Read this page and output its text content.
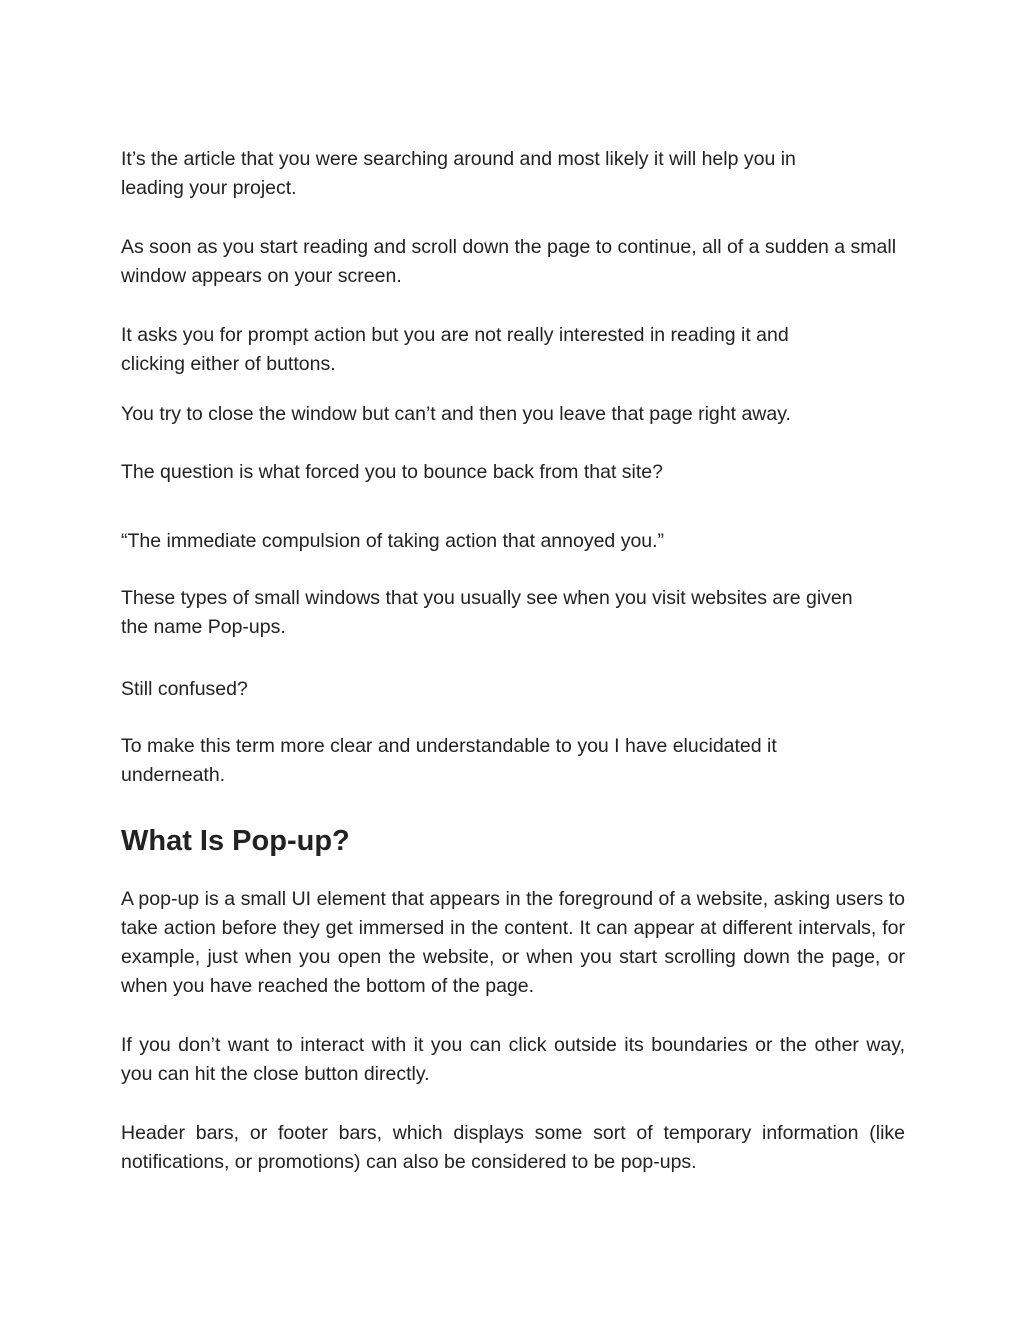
It’s the article that you were searching around and most likely it will help you in leading your project.

As soon as you start reading and scroll down the page to continue, all of a sudden a small window appears on your screen.

It asks you for prompt action but you are not really interested in reading it and clicking either of buttons.

You try to close the window but can’t and then you leave that page right away.

The question is what forced you to bounce back from that site?

“The immediate compulsion of taking action that annoyed you.”

These types of small windows that you usually see when you visit websites are given the name Pop-ups.

Still confused?

To make this term more clear and understandable to you I have elucidated it underneath.

What Is Pop-up?

A pop-up is a small UI element that appears in the foreground of a website, asking users to take action before they get immersed in the content. It can appear at different intervals, for example, just when you open the website, or when you start scrolling down the page, or when you have reached the bottom of the page.

If you don’t want to interact with it you can click outside its boundaries or the other way, you can hit the close button directly.

Header bars, or footer bars, which displays some sort of temporary information (like notifications, or promotions) can also be considered to be pop-ups.
